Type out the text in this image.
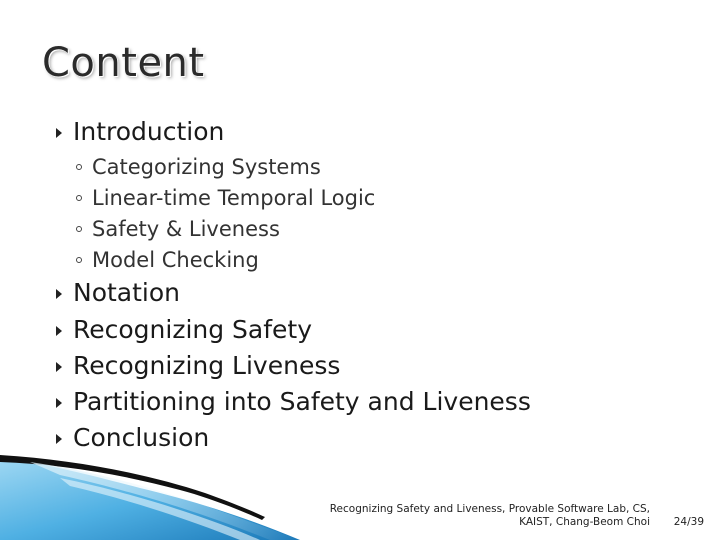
Content
Introduction
Categorizing Systems
Linear-time Temporal Logic
Safety & Liveness
Model Checking
Notation
Recognizing Safety
Recognizing Liveness
Partitioning into Safety and Liveness
Conclusion
Recognizing Safety and Liveness, Provable Software Lab, CS,
KAIST, Chang-Beom Choi 24/39
